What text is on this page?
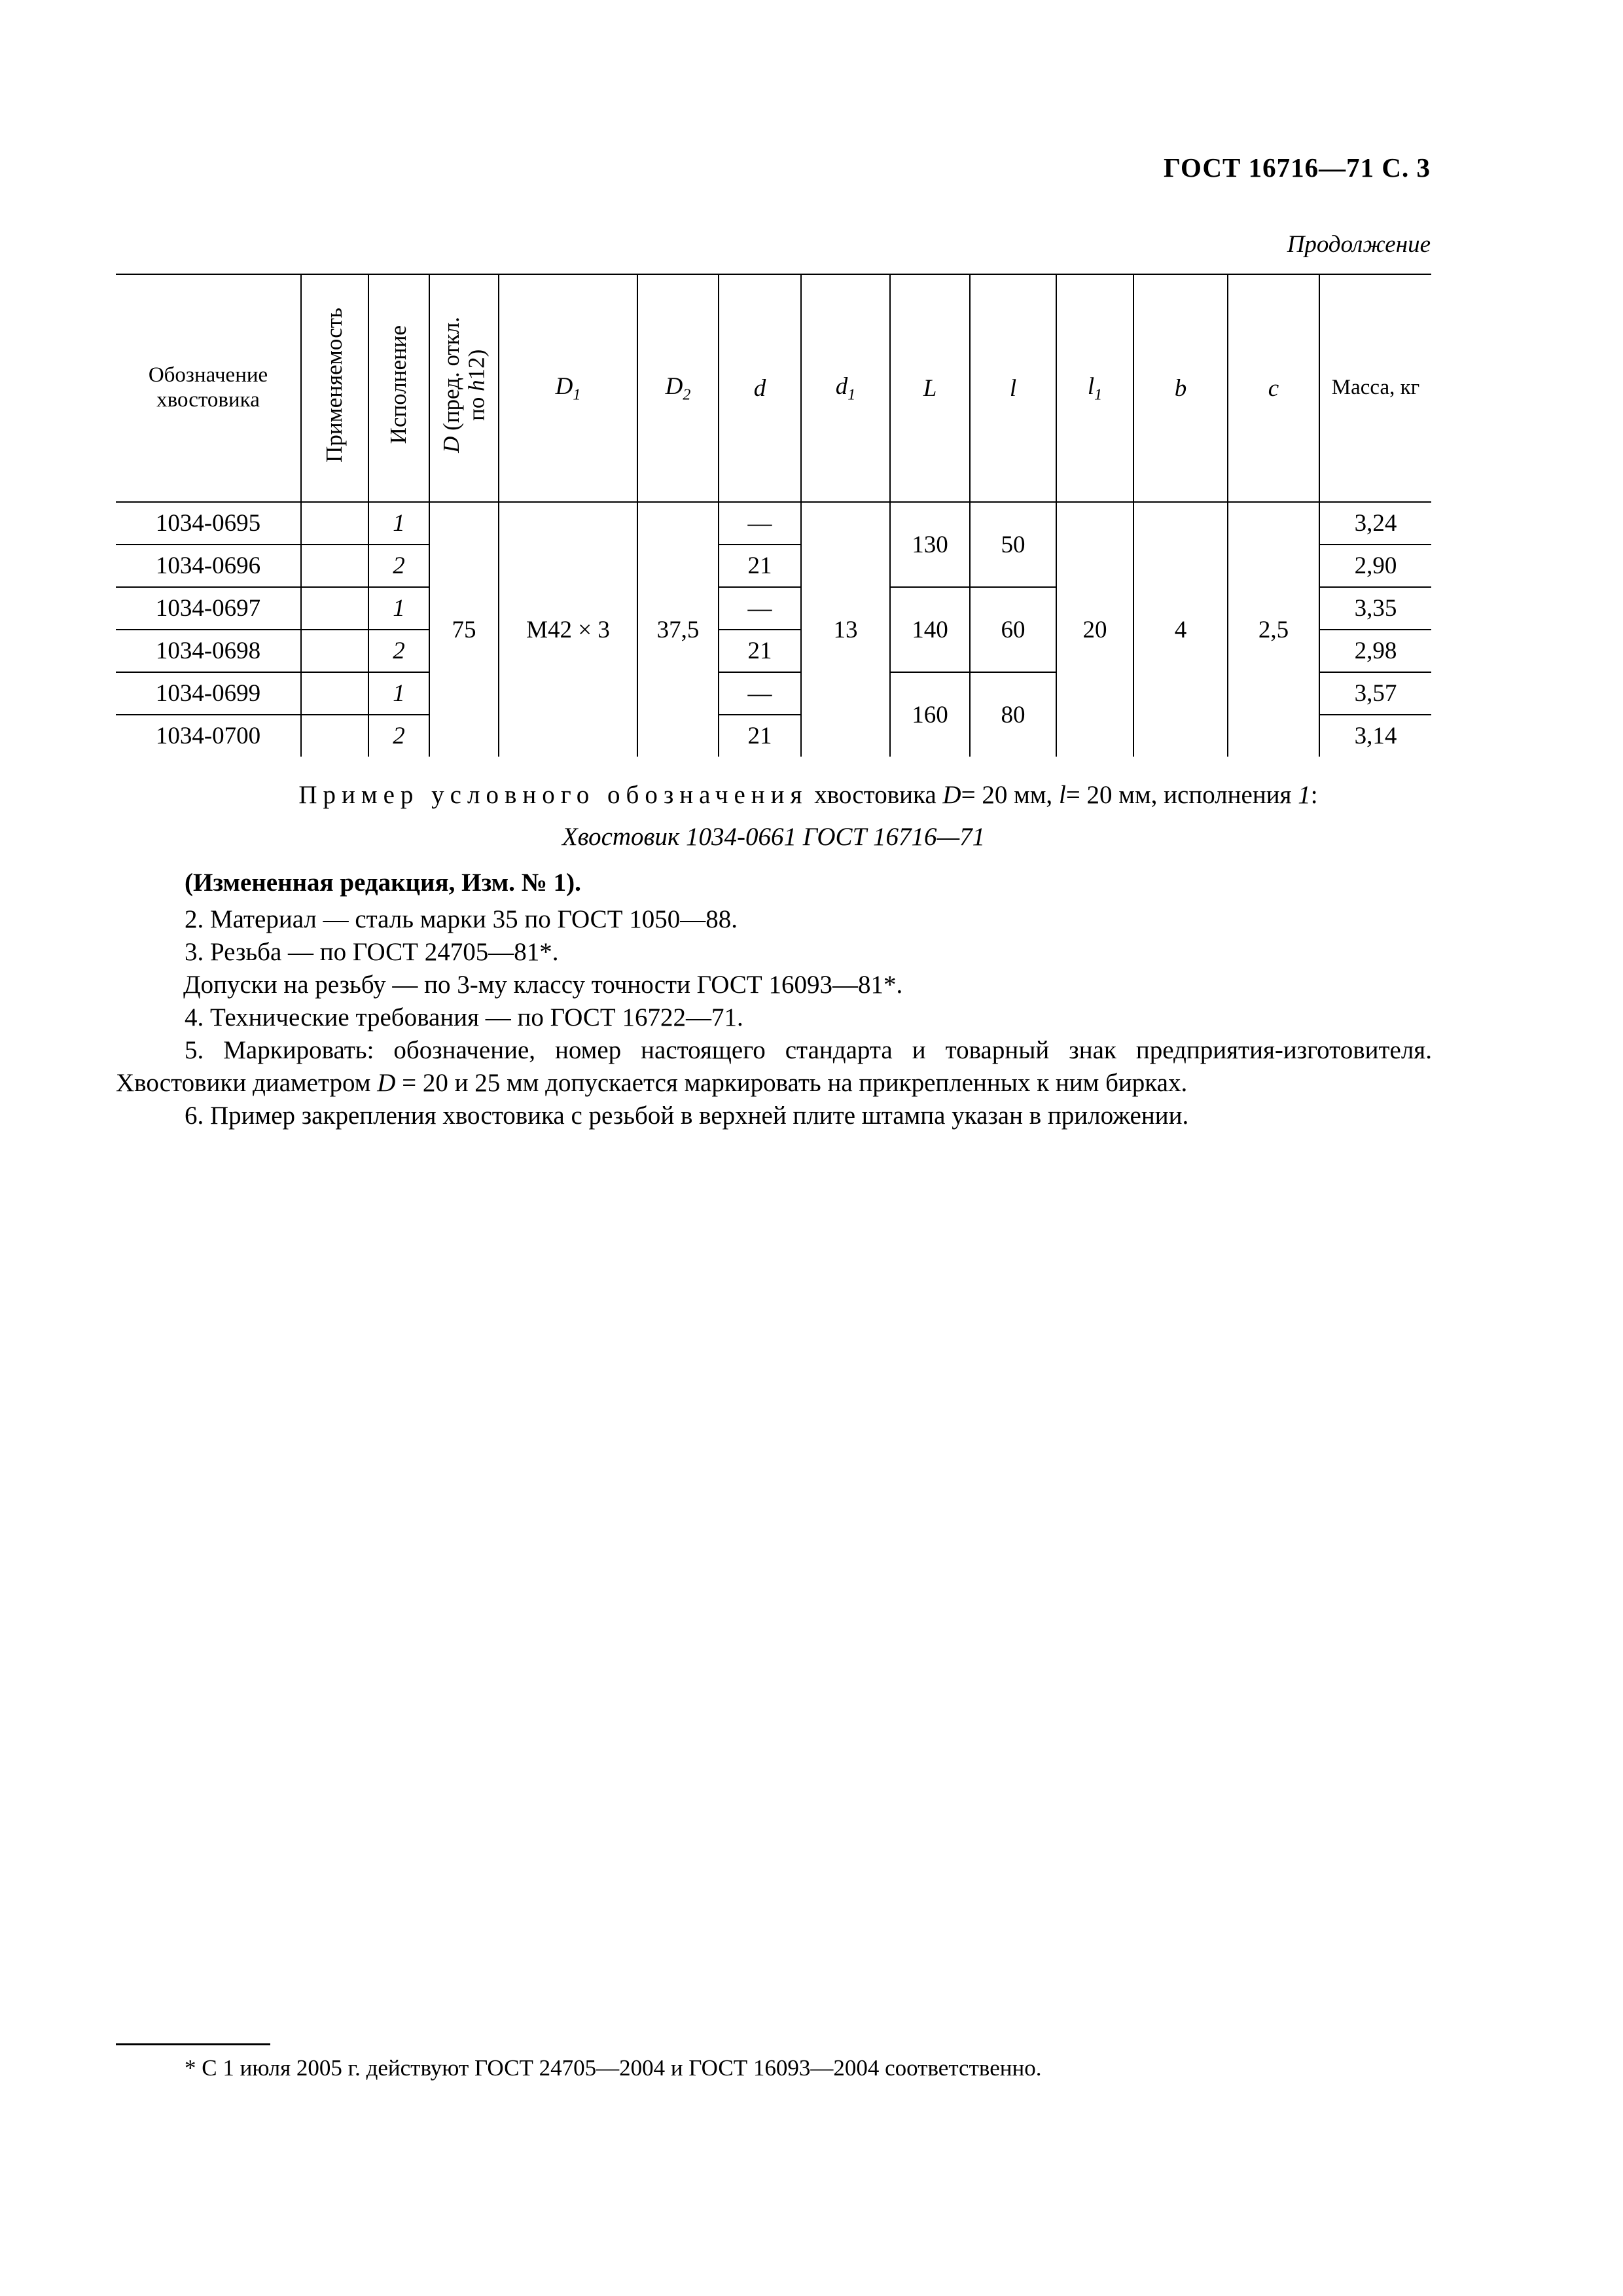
ГОСТ 16716—71 С. 3
Продолжение
Обозначение хвостовика	Применяемость	Исполнение	D (пред. откл.
по h12)	$D_1$	$D_2$	d	$d_1$	L	l	$l_1$	b	c	Масса, кг
1034-0695		1	75	M42 × 3	37,5	—	13	130	50	20	4	2,5	3,24
1034-0696		2				21							2,90
1034-0697		1				—		140	60				3,35
1034-0698		2				21							2,98
1034-0699		1				—		160	80				3,57
1034-0700		2				21							3,14
Пример условного обозначения хвостовика D= 20 мм, l= 20 мм, исполнения 1:
Хвостовик 1034-0661 ГОСТ 16716—71
(Измененная редакция, Изм. № 1).

2. Материал — сталь марки 35 по ГОСТ 1050—88.

3. Резьба — по ГОСТ 24705—81*.

Допуски на резьбу — по 3-му классу точности ГОСТ 16093—81*.

4. Технические требования — по ГОСТ 16722—71.

5. Маркировать: обозначение, номер настоящего стандарта и товарный знак предприятия-изготовителя. Хвостовики диаметром D = 20 и 25 мм допускается маркировать на прикрепленных к ним бирках.

6. Пример закрепления хвостовика с резьбой в верхней плите штампа указан в приложении.

* С 1 июля 2005 г. действуют ГОСТ 24705—2004 и ГОСТ 16093—2004 соответственно.
